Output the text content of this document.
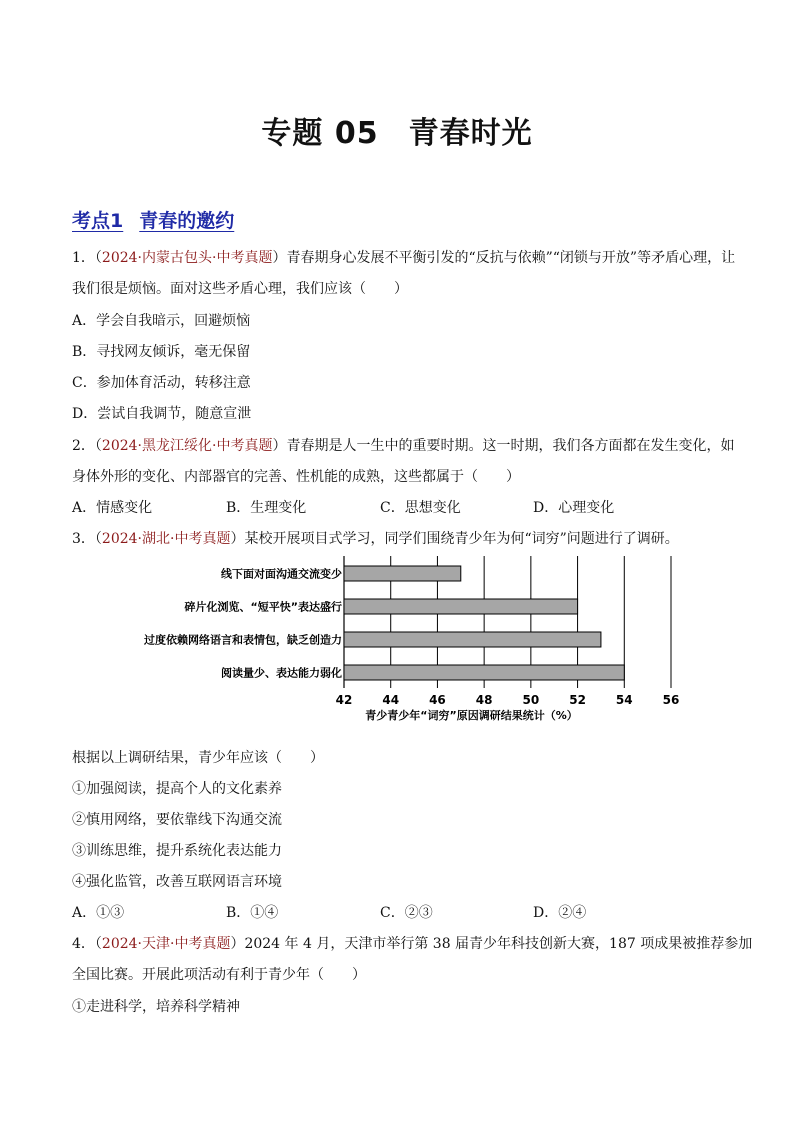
专题 05 青春时光
考点1 青春的邀约
1．（2024·内蒙古包头·中考真题）青春期身心发展不平衡引发的“反抗与依赖”“闭锁与开放”等矛盾心理，让
我们很是烦恼。面对这些矛盾心理，我们应该（　　）
A．学会自我暗示，回避烦恼
B．寻找网友倾诉，毫无保留
C．参加体育活动，转移注意
D．尝试自我调节，随意宣泄
2．（2024·黑龙江绥化·中考真题）青春期是人一生中的重要时期。这一时期，我们各方面都在发生变化，如
身体外形的变化、内部器官的完善、性机能的成熟，这些都属于（　　）
A．情感变化	B．生理变化	C．思想变化	D．心理变化
3．（2024·湖北·中考真题）某校开展项目式学习，同学们围绕青少年为何“词穷”问题进行了调研。
线下面对面沟通交流变少
碎片化浏览、“短平快”表达盛行
过度依赖网络语言和表情包，缺乏创造力
阅读量少、表达能力弱化
42	44	46	48	50	52	54	56
青少青少年“词穷”原因调研结果统计（%）
根据以上调研结果，青少年应该（　　）
①加强阅读，提高个人的文化素养
②慎用网络，要依靠线下沟通交流
③训练思维，提升系统化表达能力
④强化监管，改善互联网语言环境
A．①③	B．①④	C．②③	D．②④
4．（2024·天津·中考真题）2024 年 4 月，天津市举行第 38 届青少年科技创新大赛，187 项成果被推荐参加
全国比赛。开展此项活动有利于青少年（　　）
①走进科学，培养科学精神
